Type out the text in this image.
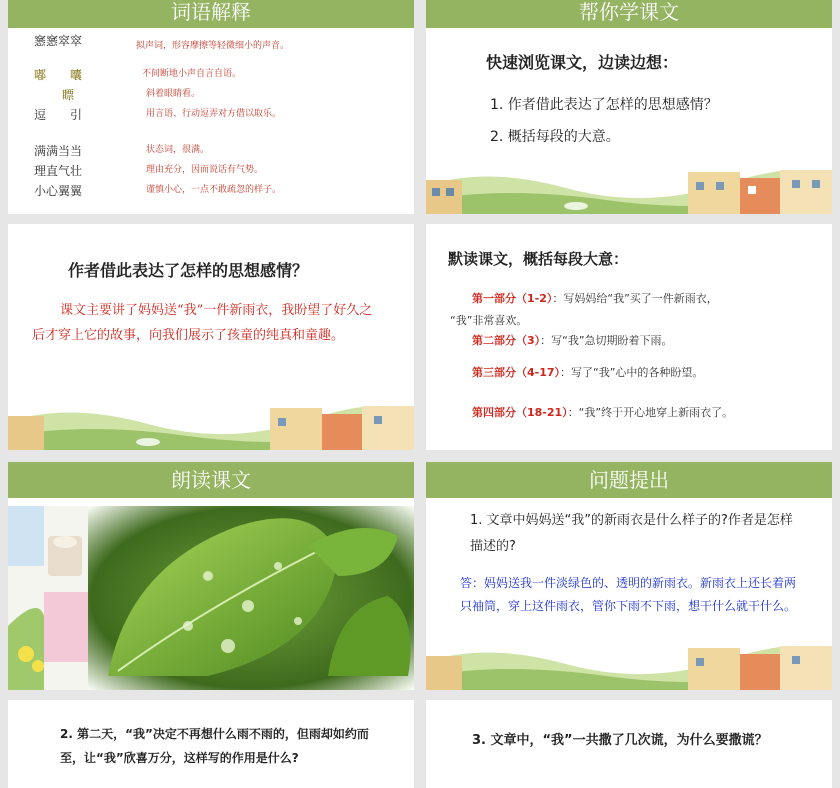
词语解释
窸窸窣窣	拟声词，形容摩擦等轻微细小的声音。
嘟　　囔	不间断地小声自言自语。
瞟	斜着眼睛看。
逗　　引	用言语、行动逗弄对方借以取乐。
满满当当	状态词，很满。
理直气壮	理由充分，因而说话有气势。
小心翼翼	谨慎小心，一点不敢疏忽的样子。
帮你学课文
快速浏览课文，边读边想：
1. 作者借此表达了怎样的思想感情？
2. 概括每段的大意。
作者借此表达了怎样的思想感情？
课文主要讲了妈妈送“我”一件新雨衣，我盼望了好久之后才穿上它的故事，向我们展示了孩童的纯真和童趣。
默读课文，概括每段大意：
第一部分（1-2）：写妈妈给“我”买了一件新雨衣，
“我”非常喜欢。
第二部分（3）：写“我”急切期盼着下雨。
第三部分（4-17）：写了“我”心中的各种盼望。
第四部分（18-21）：“我”终于开心地穿上新雨衣了。
朗读课文	问题提出
1. 文章中妈妈送“我”的新雨衣是什么样子的?作者是怎样描述的?
答：妈妈送我一件淡绿色的、透明的新雨衣。新雨衣上还长着两只袖筒，穿上这件雨衣，管你下雨不下雨，想干什么就干什么。
2. 第二天，“我”决定不再想什么雨不雨的，但雨却如约而至，让“我”欣喜万分，这样写的作用是什么?
3. 文章中，“我”一共撒了几次谎，为什么要撒谎？
